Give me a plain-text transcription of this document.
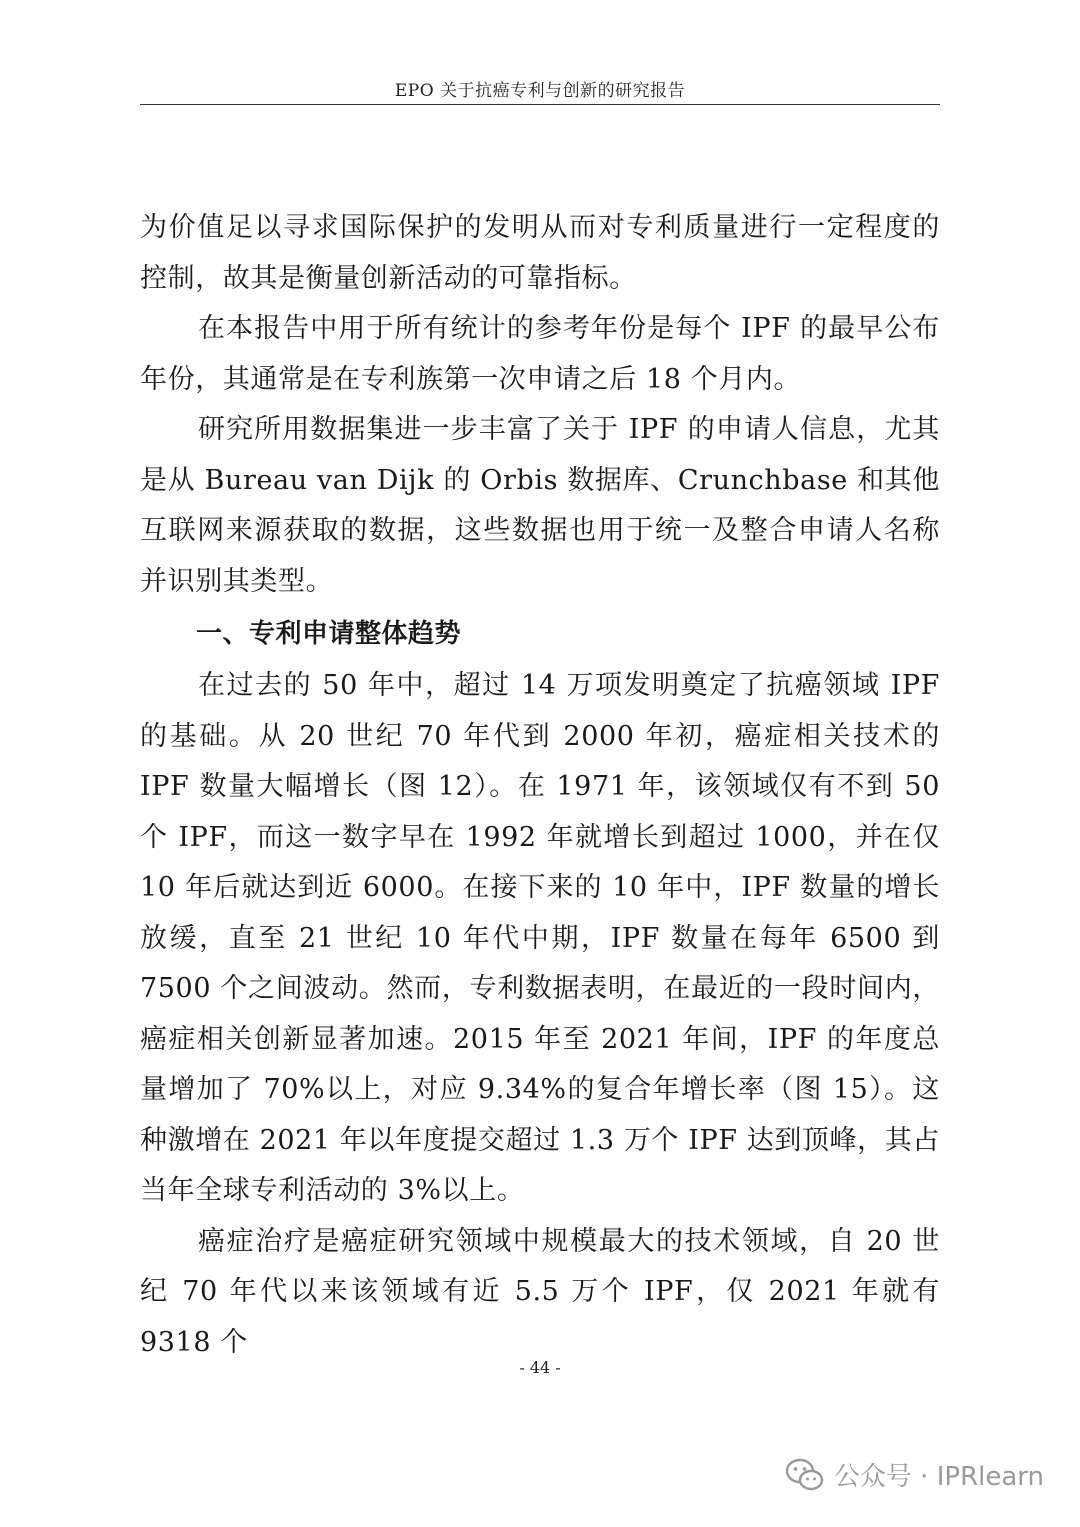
EPO 关于抗癌专利与创新的研究报告

为价值足以寻求国际保护的发明从而对专利质量进行一定程度的控制，故其是衡量创新活动的可靠指标。

在本报告中用于所有统计的参考年份是每个 IPF 的最早公布年份，其通常是在专利族第一次申请之后 18 个月内。

研究所用数据集进一步丰富了关于 IPF 的申请人信息，尤其是从 Bureau van Dijk 的 Orbis 数据库、Crunchbase 和其他互联网来源获取的数据，这些数据也用于统一及整合申请人名称并识别其类型。

一、专利申请整体趋势

在过去的 50 年中，超过 14 万项发明奠定了抗癌领域 IPF 的基础。从 20 世纪 70 年代到 2000 年初，癌症相关技术的 IPF 数量大幅增长（图 12）。在 1971 年，该领域仅有不到 50 个 IPF，而这一数字早在 1992 年就增长到超过 1000，并在仅 10 年后就达到近 6000。在接下来的 10 年中，IPF 数量的增长放缓，直至 21 世纪 10 年代中期，IPF 数量在每年 6500 到 7500 个之间波动。然而，专利数据表明，在最近的一段时间内，癌症相关创新显著加速。2015 年至 2021 年间，IPF 的年度总量增加了 70%以上，对应 9.34%的复合年增长率（图 15）。这种激增在 2021 年以年度提交超过 1.3 万个 IPF 达到顶峰，其占当年全球专利活动的 3%以上。

癌症治疗是癌症研究领域中规模最大的技术领域，自 20 世纪 70 年代以来该领域有近 5.5 万个 IPF，仅 2021 年就有 9318 个

- 44 -
公众号 · IPRlearn
